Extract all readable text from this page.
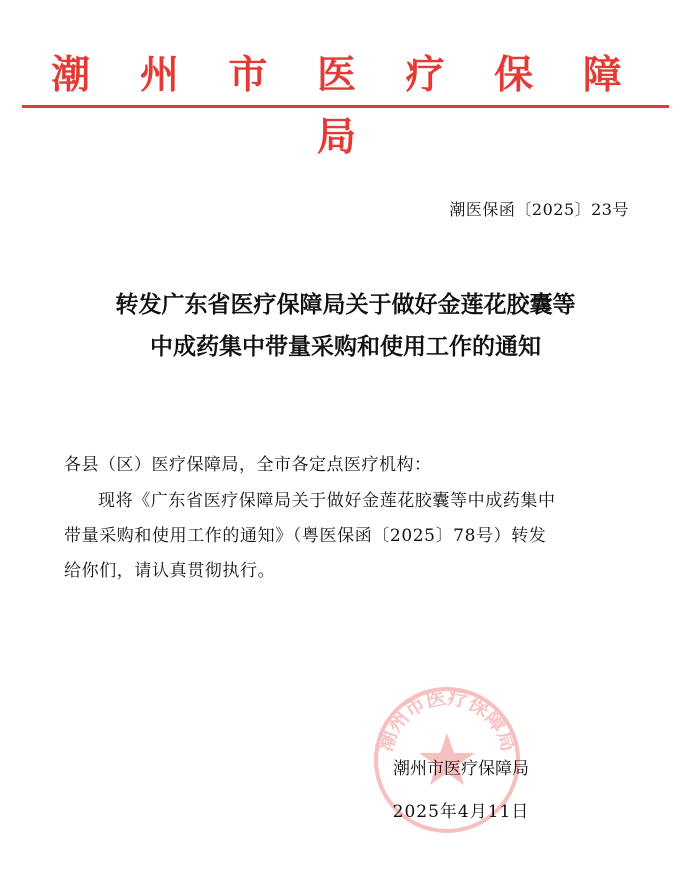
潮 州 市 医 疗 保 障 局
潮医保函〔2025〕23号
转发广东省医疗保障局关于做好金莲花胶囊等
中成药集中带量采购和使用工作的通知
各县（区）医疗保障局，全市各定点医疗机构：
现将《广东省医疗保障局关于做好金莲花胶囊等中成药集中
带量采购和使用工作的通知》（粤医保函〔2025〕78号）转发
给你们，请认真贯彻执行。
潮州市医疗保障局
潮州市医疗保障局
2025年4月11日
